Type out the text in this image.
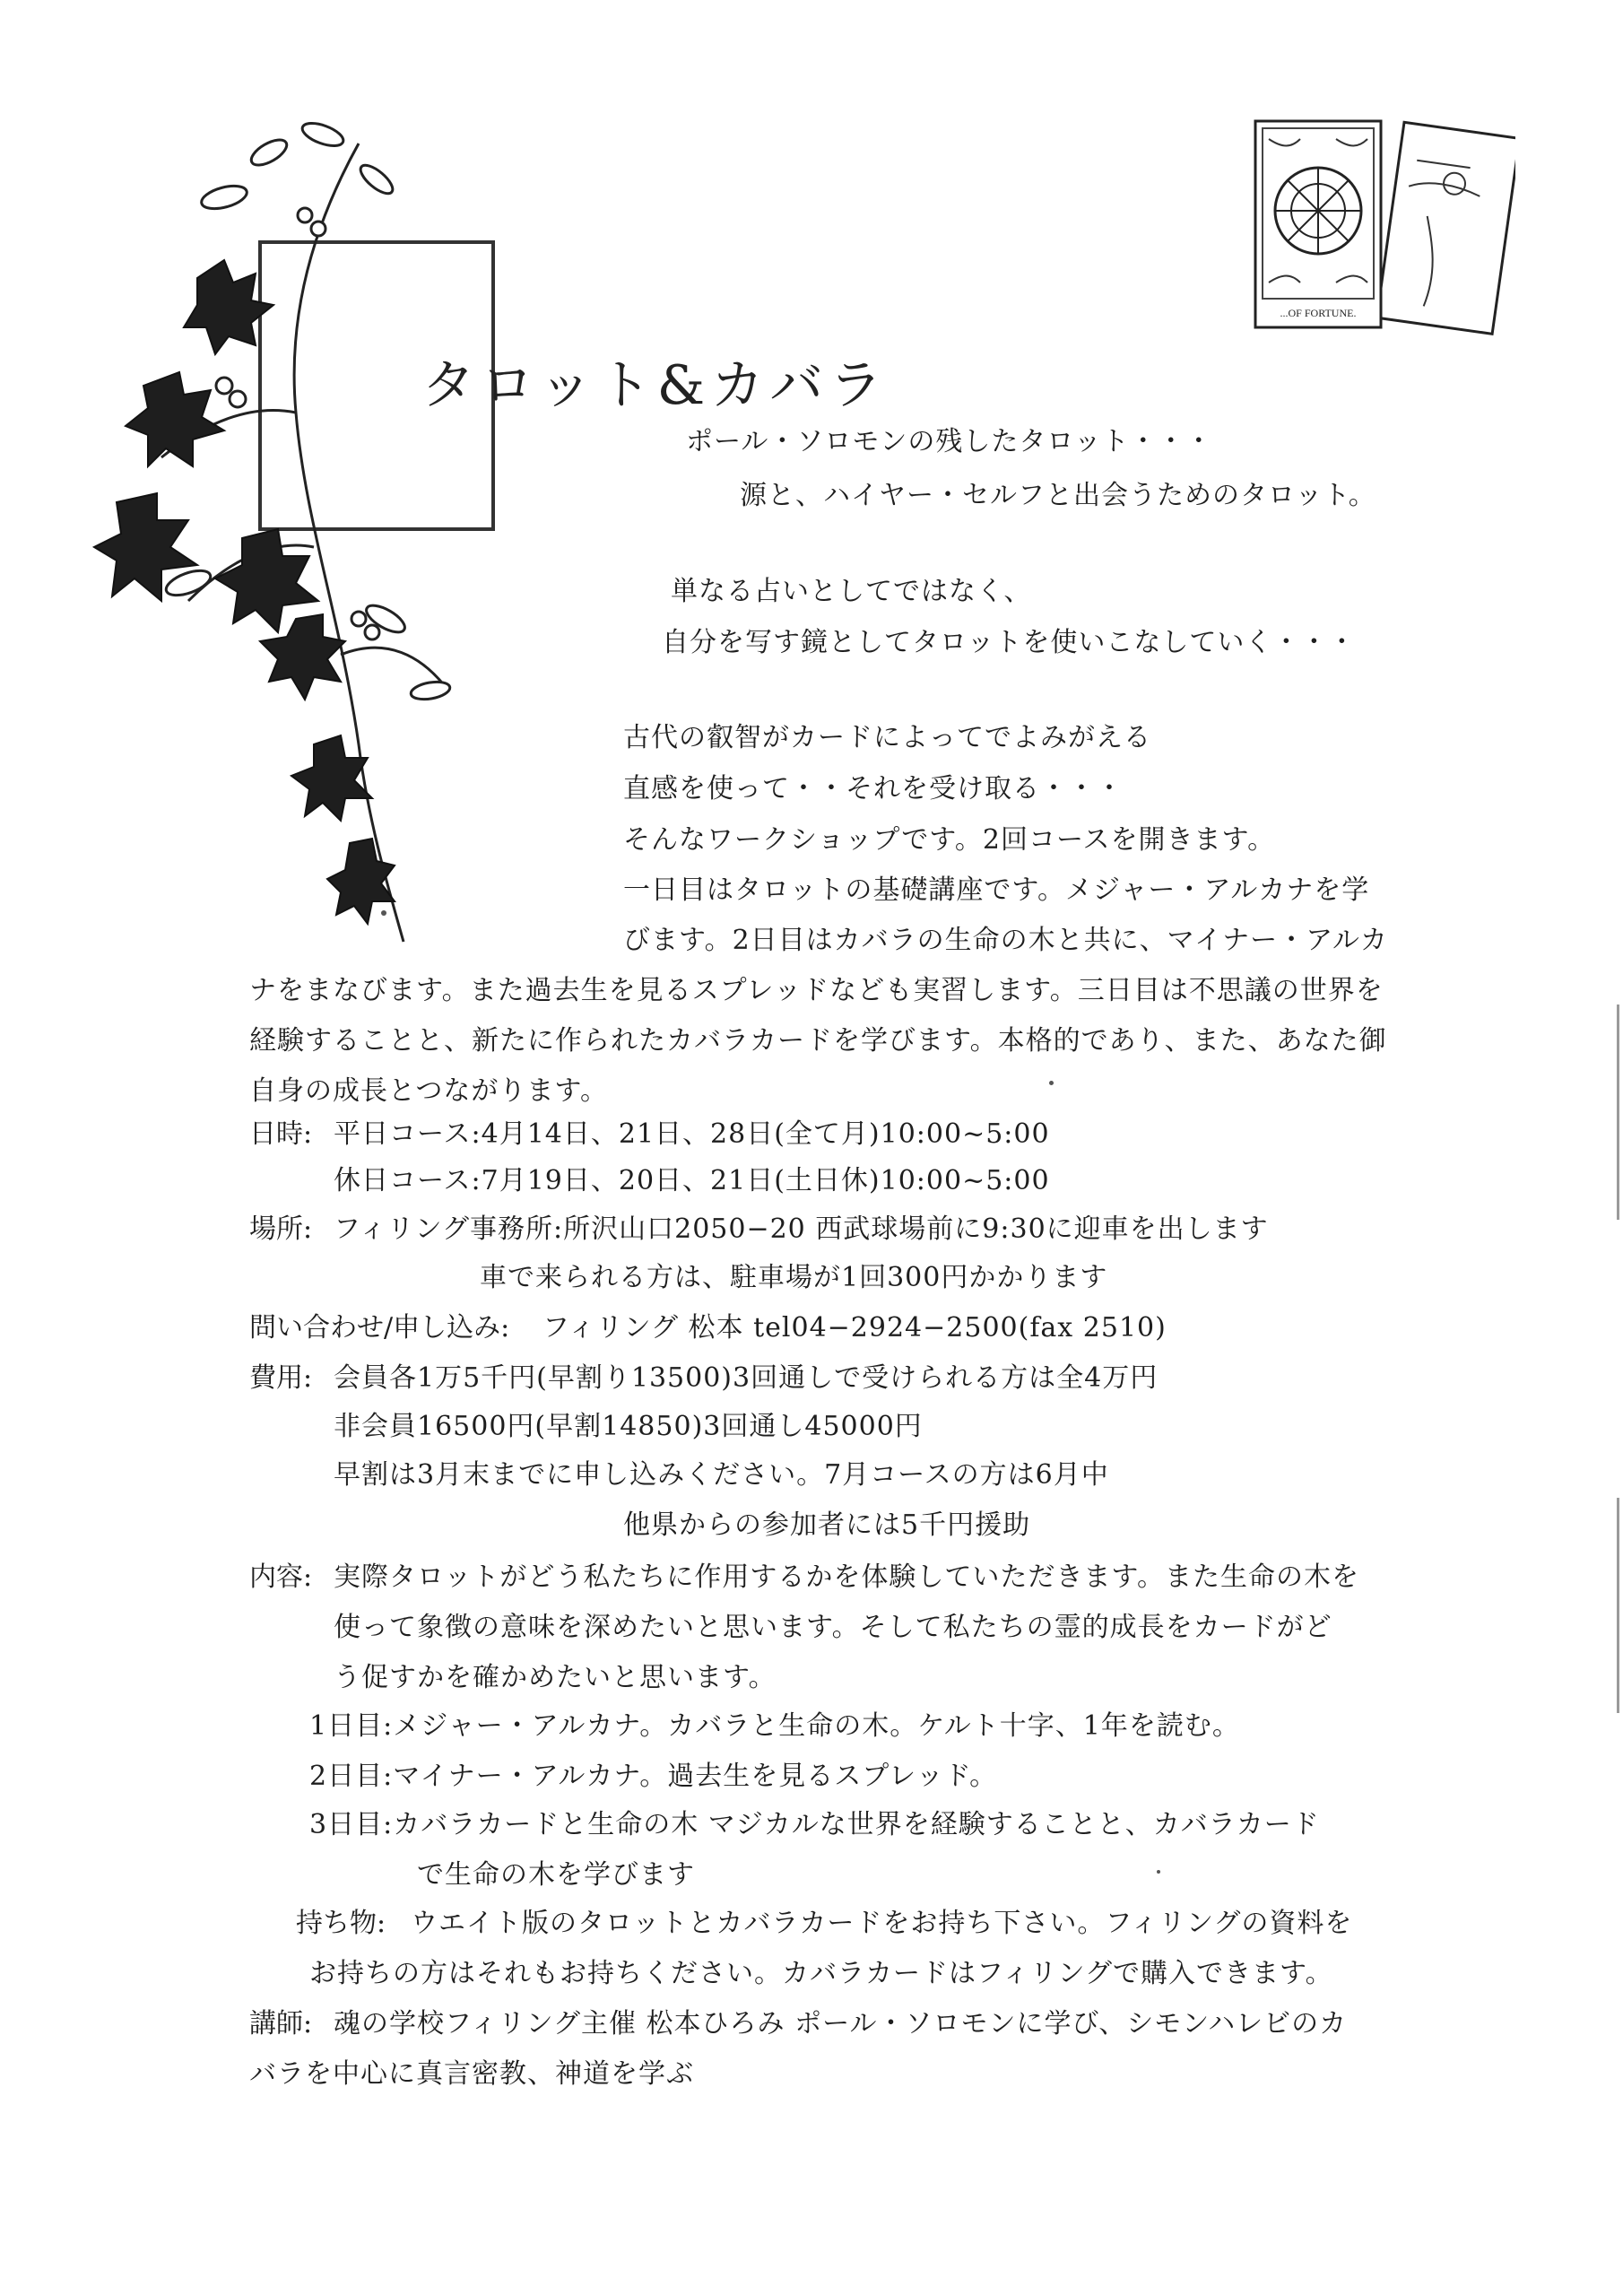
...OF FORTUNE.
タロット&カバラ
ポール・ソロモンの残したタロット・・・
源と、ハイヤー・セルフと出会うためのタロット。
単なる占いとしてではなく、
自分を写す鏡としてタロットを使いこなしていく・・・
古代の叡智がカードによってでよみがえる
直感を使って・・それを受け取る・・・
そんなワークショップです。2回コースを開きます。
一日目はタロットの基礎講座です。メジャー・アルカナを学
びます。2日目はカバラの生命の木と共に、マイナー・アルカ
ナをまなびます。また過去生を見るスプレッドなども実習します。三日目は不思議の世界を
経験することと、新たに作られたカバラカードを学びます。本格的であり、また、あなた御
自身の成長とつながります。
日時: 平日コース:4月14日、21日、28日(全て月)10:00~5:00
休日コース:7月19日、20日、21日(土日休)10:00~5:00
場所: フィリング事務所:所沢山口2050−20 西武球場前に9:30に迎車を出します
車で来られる方は、駐車場が1回300円かかります
問い合わせ/申し込み: フィリング 松本 tel04−2924−2500(fax 2510)
費用: 会員各1万5千円(早割り13500)3回通しで受けられる方は全4万円
非会員16500円(早割14850)3回通し45000円
早割は3月末までに申し込みください。7月コースの方は6月中
他県からの参加者には5千円援助
内容: 実際タロットがどう私たちに作用するかを体験していただきます。また生命の木を
使って象徴の意味を深めたいと思います。そして私たちの霊的成長をカードがど
う促すかを確かめたいと思います。
1日目:メジャー・アルカナ。カバラと生命の木。ケルト十字、1年を読む。
2日目:マイナー・アルカナ。過去生を見るスプレッド。
3日目:カバラカードと生命の木 マジカルな世界を経験することと、カバラカード
で生命の木を学びます
持ち物: ウエイト版のタロットとカバラカードをお持ち下さい。フィリングの資料を
お持ちの方はそれもお持ちください。カバラカードはフィリングで購入できます。
講師: 魂の学校フィリング主催 松本ひろみ ポール・ソロモンに学び、シモンハレビのカ
バラを中心に真言密教、神道を学ぶ
